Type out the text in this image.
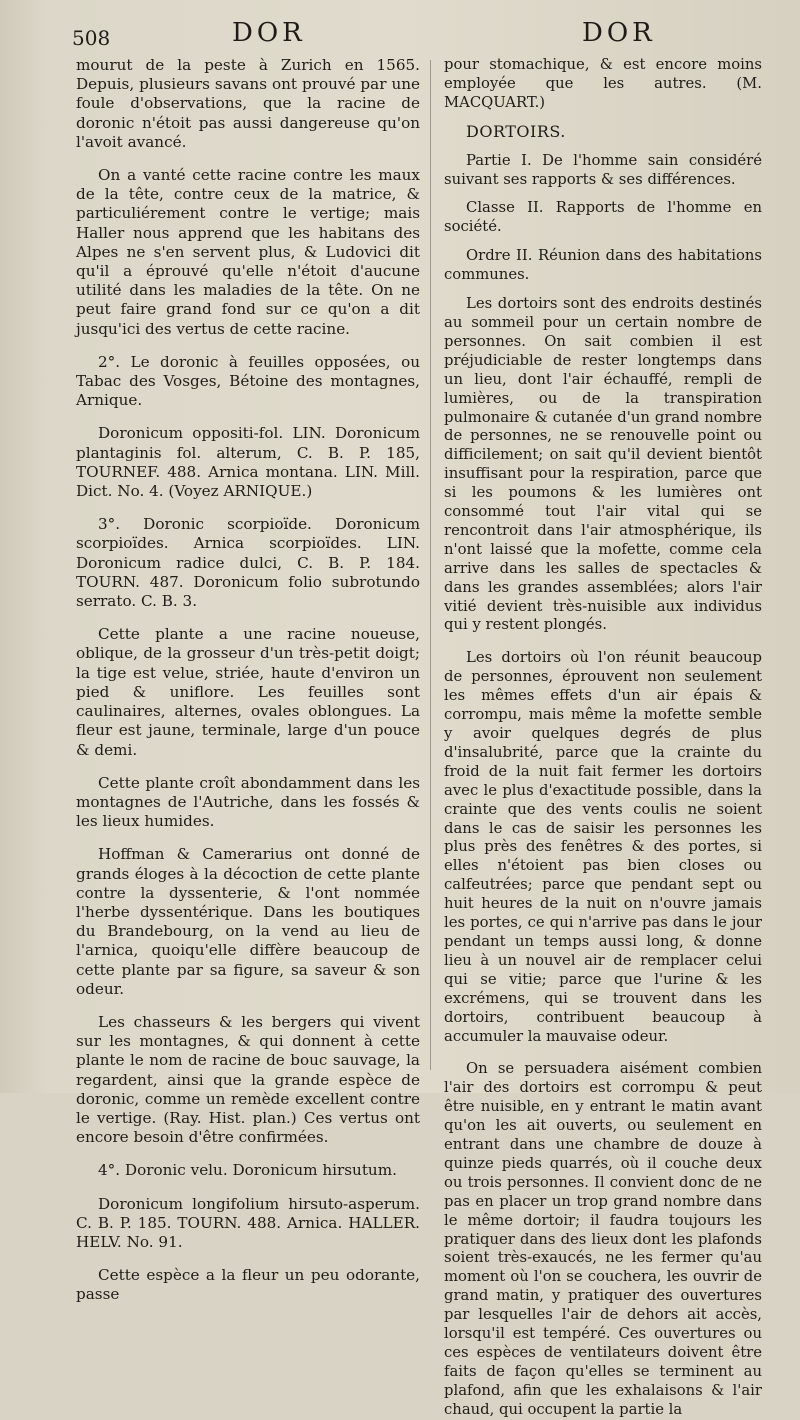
508	DOR	DOR

mourut de la peste à Zurich en 1565. Depuis, plusieurs savans ont prouvé par une foule d'observations, que la racine de doronic n'étoit pas aussi dangereuse qu'on l'avoit avancé.

On a vanté cette racine contre les maux de la tête, contre ceux de la matrice, & particuliérement contre le vertige; mais Haller nous apprend que les habitans des Alpes ne s'en servent plus, & Ludovici dit qu'il a éprouvé qu'elle n'étoit d'aucune utilité dans les maladies de la tête. On ne peut faire grand fond sur ce qu'on a dit jusqu'ici des vertus de cette racine.

2°. Le doronic à feuilles opposées, ou Tabac des Vosges, Bétoine des montagnes, Arnique.

Doronicum oppositi-fol. LIN. Doronicum plantaginis fol. alterum, C. B. P. 185, TOURNEF. 488. Arnica montana. LIN. Mill. Dict. No. 4. (Voyez ARNIQUE.)

3°. Doronic scorpioïde. Doronicum scorpioïdes. Arnica scorpioïdes. LIN. Doronicum radice dulci, C. B. P. 184. TOURN. 487. Doronicum folio subrotundo serrato. C. B. 3.

Cette plante a une racine noueuse, oblique, de la grosseur d'un très-petit doigt; la tige est velue, striée, haute d'environ un pied & uniflore. Les feuilles sont caulinaires, alternes, ovales oblongues. La fleur est jaune, terminale, large d'un pouce & demi.

Cette plante croît abondamment dans les montagnes de l'Autriche, dans les fossés & les lieux humides.

Hoffman & Camerarius ont donné de grands éloges à la décoction de cette plante contre la dyssenterie, & l'ont nommée l'herbe dyssentérique. Dans les boutiques du Brandebourg, on la vend au lieu de l'arnica, quoiqu'elle diffère beaucoup de cette plante par sa figure, sa saveur & son odeur.

Les chasseurs & les bergers qui vivent sur les montagnes, & qui donnent à cette plante le nom de racine de bouc sauvage, la regardent, ainsi que la grande espèce de doronic, comme un remède excellent contre le vertige. (Ray. Hist. plan.) Ces vertus ont encore besoin d'être confirmées.

4°. Doronic velu. Doronicum hirsutum.

Doronicum longifolium hirsuto-asperum. C. B. P. 185. TOURN. 488. Arnica. HALLER. HELV. No. 91.

Cette espèce a la fleur un peu odorante, passe

pour stomachique, & est encore moins employée que les autres. (M. MACQUART.)

DORTOIRS.

Partie I. De l'homme sain considéré suivant ses rapports & ses différences.

Classe II. Rapports de l'homme en société.

Ordre II. Réunion dans des habitations communes.

Les dortoirs sont des endroits destinés au sommeil pour un certain nombre de personnes. On sait combien il est préjudiciable de rester longtemps dans un lieu, dont l'air échauffé, rempli de lumières, ou de la transpiration pulmonaire & cutanée d'un grand nombre de personnes, ne se renouvelle point ou difficilement; on sait qu'il devient bientôt insuffisant pour la respiration, parce que si les poumons & les lumières ont consommé tout l'air vital qui se rencontroit dans l'air atmosphérique, ils n'ont laissé que la mofette, comme cela arrive dans les salles de spectacles & dans les grandes assemblées; alors l'air vitié devient très-nuisible aux individus qui y restent plongés.

Les dortoirs où l'on réunit beaucoup de personnes, éprouvent non seulement les mêmes effets d'un air épais & corrompu, mais même la mofette semble y avoir quelques degrés de plus d'insalubrité, parce que la crainte du froid de la nuit fait fermer les dortoirs avec le plus d'exactitude possible, dans la crainte que des vents coulis ne soient dans le cas de saisir les personnes les plus près des fenêtres & des portes, si elles n'étoient pas bien closes ou calfeutrées; parce que pendant sept ou huit heures de la nuit on n'ouvre jamais les portes, ce qui n'arrive pas dans le jour pendant un temps aussi long, & donne lieu à un nouvel air de remplacer celui qui se vitie; parce que l'urine & les excrémens, qui se trouvent dans les dortoirs, contribuent beaucoup à accumuler la mauvaise odeur.

On se persuadera aisément combien l'air des dortoirs est corrompu & peut être nuisible, en y entrant le matin avant qu'on les ait ouverts, ou seulement en entrant dans une chambre de douze à quinze pieds quarrés, où il couche deux ou trois personnes. Il convient donc de ne pas en placer un trop grand nombre dans le même dortoir; il faudra toujours les pratiquer dans des lieux dont les plafonds soient très-exaucés, ne les fermer qu'au moment où l'on se couchera, les ouvrir de grand matin, y pratiquer des ouvertures par lesquelles l'air de dehors ait accès, lorsqu'il est tempéré. Ces ouvertures ou ces espèces de ventilateurs doivent être faits de façon qu'elles se terminent au plafond, afin que les exhalaisons & l'air chaud, qui occupent la partie la
